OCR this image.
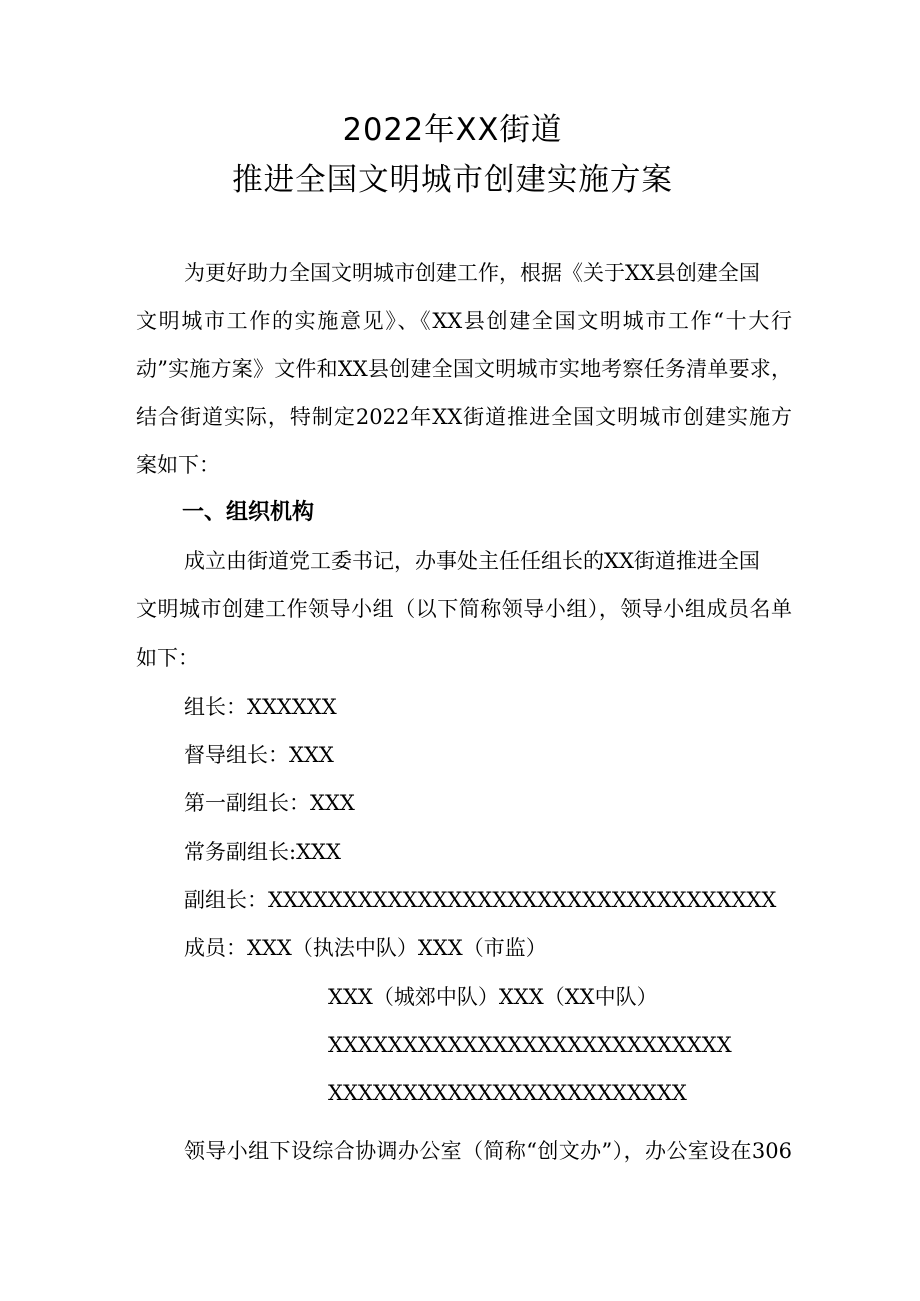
2022年XX街道
推进全国文明城市创建实施方案
为更好助力全国文明城市创建工作，根据《关于XX县创建全国
文明城市工作的实施意见》、《XX县创建全国文明城市工作“十大行
动”实施方案》文件和XX县创建全国文明城市实地考察任务清单要求，
结合街道实际，特制定2022年XX街道推进全国文明城市创建实施方
案如下：
一、组织机构
成立由街道党工委书记，办事处主任任组长的XX街道推进全国
文明城市创建工作领导小组（以下简称领导小组），领导小组成员名单
如下：
组长：XXXXXX
督导组长：XXX
第一副组长：XXX
常务副组长:XXX
副组长：XXXXXXXXXXXXXXXXXXXXXXXXXXXXXXXXXX
成员：XXX（执法中队）XXX（市监）
XXX（城郊中队）XXX（XX中队）
XXXXXXXXXXXXXXXXXXXXXXXXXXX
XXXXXXXXXXXXXXXXXXXXXXXX
领导小组下设综合协调办公室（简称“创文办”），办公室设在306
